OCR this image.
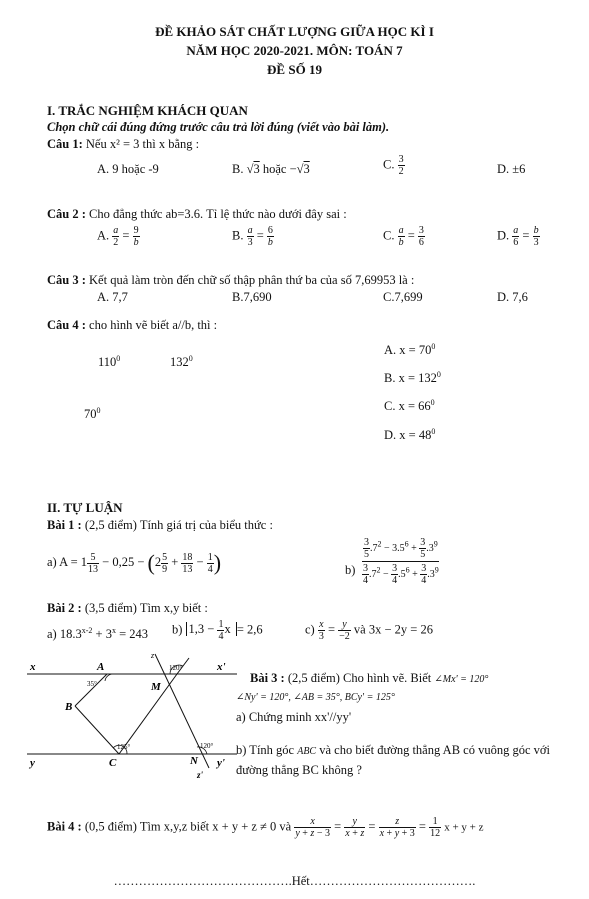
ĐỀ KHẢO SÁT CHẤT LƯỢNG GIỮA HỌC KÌ I
NĂM HỌC 2020-2021. MÔN: TOÁN 7
ĐỀ SỐ 19
I. TRẮC NGHIỆM KHÁCH QUAN
Chọn chữ cái đúng đứng trước câu trả lời đúng (viết vào bài làm).
Câu 1: Nếu x² = 3 thì x bằng :
A. 9 hoặc -9	B. √3 hoặc −√3	C. $\frac{3}{2}$	D. ±6
Câu 2 : Cho đẳng thức ab=3.6. Tỉ lệ thức nào dưới đây sai :
A. $\frac{a}{2} = \frac{9}{b}$	B. $\frac{a}{3} = \frac{6}{b}$	C. $\frac{a}{b} = \frac{3}{6}$	D. $\frac{a}{6} = \frac{b}{3}$
Câu 3 : Kết quả làm tròn đến chữ số thập phân thứ ba của số 7,69953 là :
A. 7,7	B.7,690	C.7,699	D. 7,6
Câu 4 : cho hình vẽ biết a//b, thì :
$110^0$	$132^0$
$70^0$
A. $x = 70^0$
B. $x = 132^0$
C. $x = 66^0$
D. $x = 48^0$
II. TỰ LUẬN
Bài 1 : (2,5 điểm) Tính giá trị của biểu thức :
a) $A = 1 \frac{5}{13} - 0,25 - (2 \frac{5}{9} + \frac{18}{13} - \frac{1}{4}$ )	b)
$\frac{3}{5} .7^2 - 3.5^6 + \frac{3}{5} .3^9$
$\frac{3}{4} .7^2 - \frac{3}{4} .5^6 + \frac{3}{4} .3^9$
Bài 2 : (3,5 điểm) Tìm x,y biết :
a) $18.3^{x-2} + 3^x = 243$ b) $1,3 - \frac{1}{4}$ x = 2,6	$c) \frac{x}{3} = \frac{y}{-2}$ và 3x − 2y = 26
x	x'
y	y'
A
B
C
M
N
z'
z
35°
120°
125°	120°
Bài 3 : (2,5 điểm) Cho hình vẽ. Biết ∠Mx' = 120°
∠Ny' = 120°, ∠AB = 35°, BCy' = 125°
a) Chứng minh xx'//yy'
b) Tính góc ABC và cho biết đường thẳng AB có vuông góc với
đường thẳng BC không ?
Bài 4 : (0,5 điểm) Tìm x,y,z biết x + y + z ≠ 0 và $\frac{x}{y + z - 3} = \frac{y}{x + z} = \frac{z}{x + y + 3} = \frac{1}{12}$ x + y + z
…………………………………….Hết………………………………….
